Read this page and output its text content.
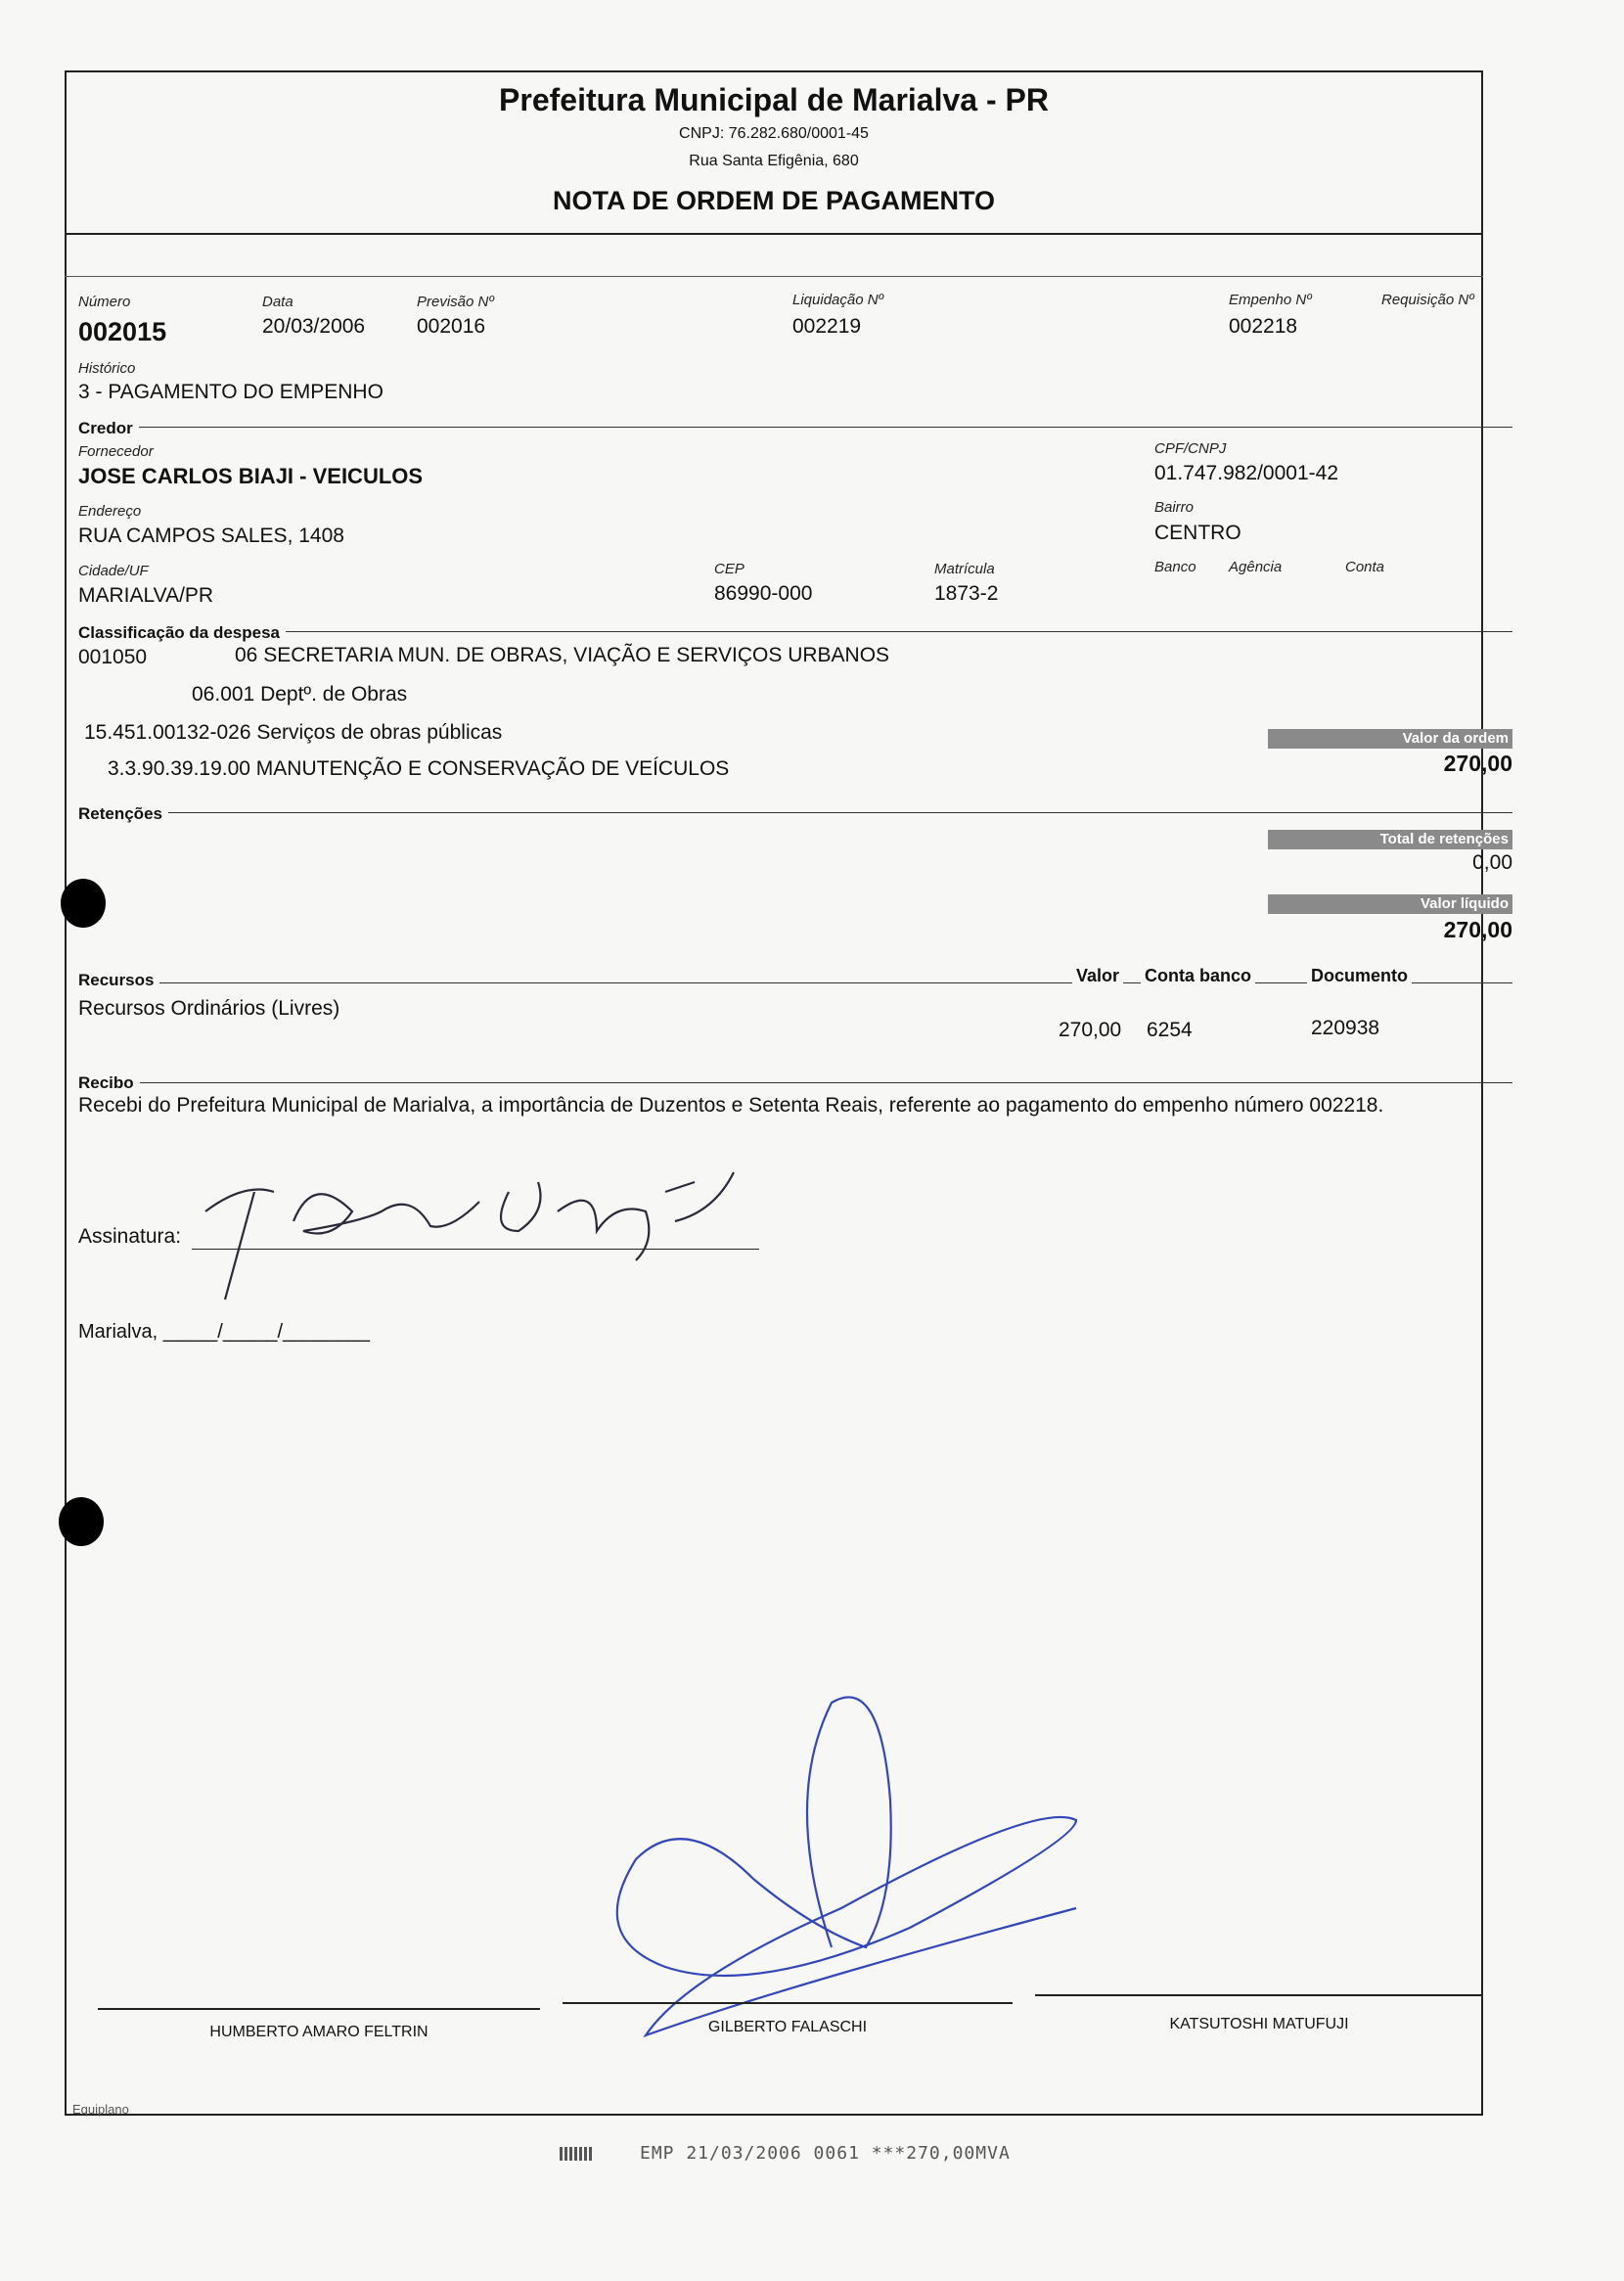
Prefeitura Municipal de Marialva - PR
CNPJ: 76.282.680/0001-45
Rua Santa Efigênia, 680
NOTA DE ORDEM DE PAGAMENTO
Número
002015
Data
20/03/2006
Previsão Nº
002016
Liquidação Nº
002219
Empenho Nº
002218
Requisição Nº
Histórico
3 - PAGAMENTO DO EMPENHO
Credor
Fornecedor
JOSE CARLOS BIAJI - VEICULOS
CPF/CNPJ
01.747.982/0001-42
Endereço
RUA CAMPOS SALES, 1408
Bairro
CENTRO
Cidade/UF
MARIALVA/PR
CEP
86990-000
Matrícula
1873-2
Banco Agência	Conta
Classificação da despesa
001050	06 SECRETARIA MUN. DE OBRAS, VIAÇÃO E SERVIÇOS URBANOS
06.001 Deptº. de Obras
15.451.00132-026 Serviços de obras públicas
3.3.90.39.19.00 MANUTENÇÃO E CONSERVAÇÃO DE VEÍCULOS
Valor da ordem
270,00
Retenções
Total de retenções
0,00
Valor líquido
270,00
Recursos	Valor Conta banco	Documento
Recursos Ordinários (Livres)
270,00 6254	220938
Recibo
Recebi do Prefeitura Municipal de Marialva, a importância de Duzentos e Setenta Reais, referente ao pagamento do empenho número 002218.
Assinatura:
Marialva, _____/_____/________
HUMBERTO AMARO FELTRIN	GILBERTO FALASCHI	KATSUTOSHI MATUFUJI
Equiplano
EMP 21/03/2006 0061 ***270,00MVA
